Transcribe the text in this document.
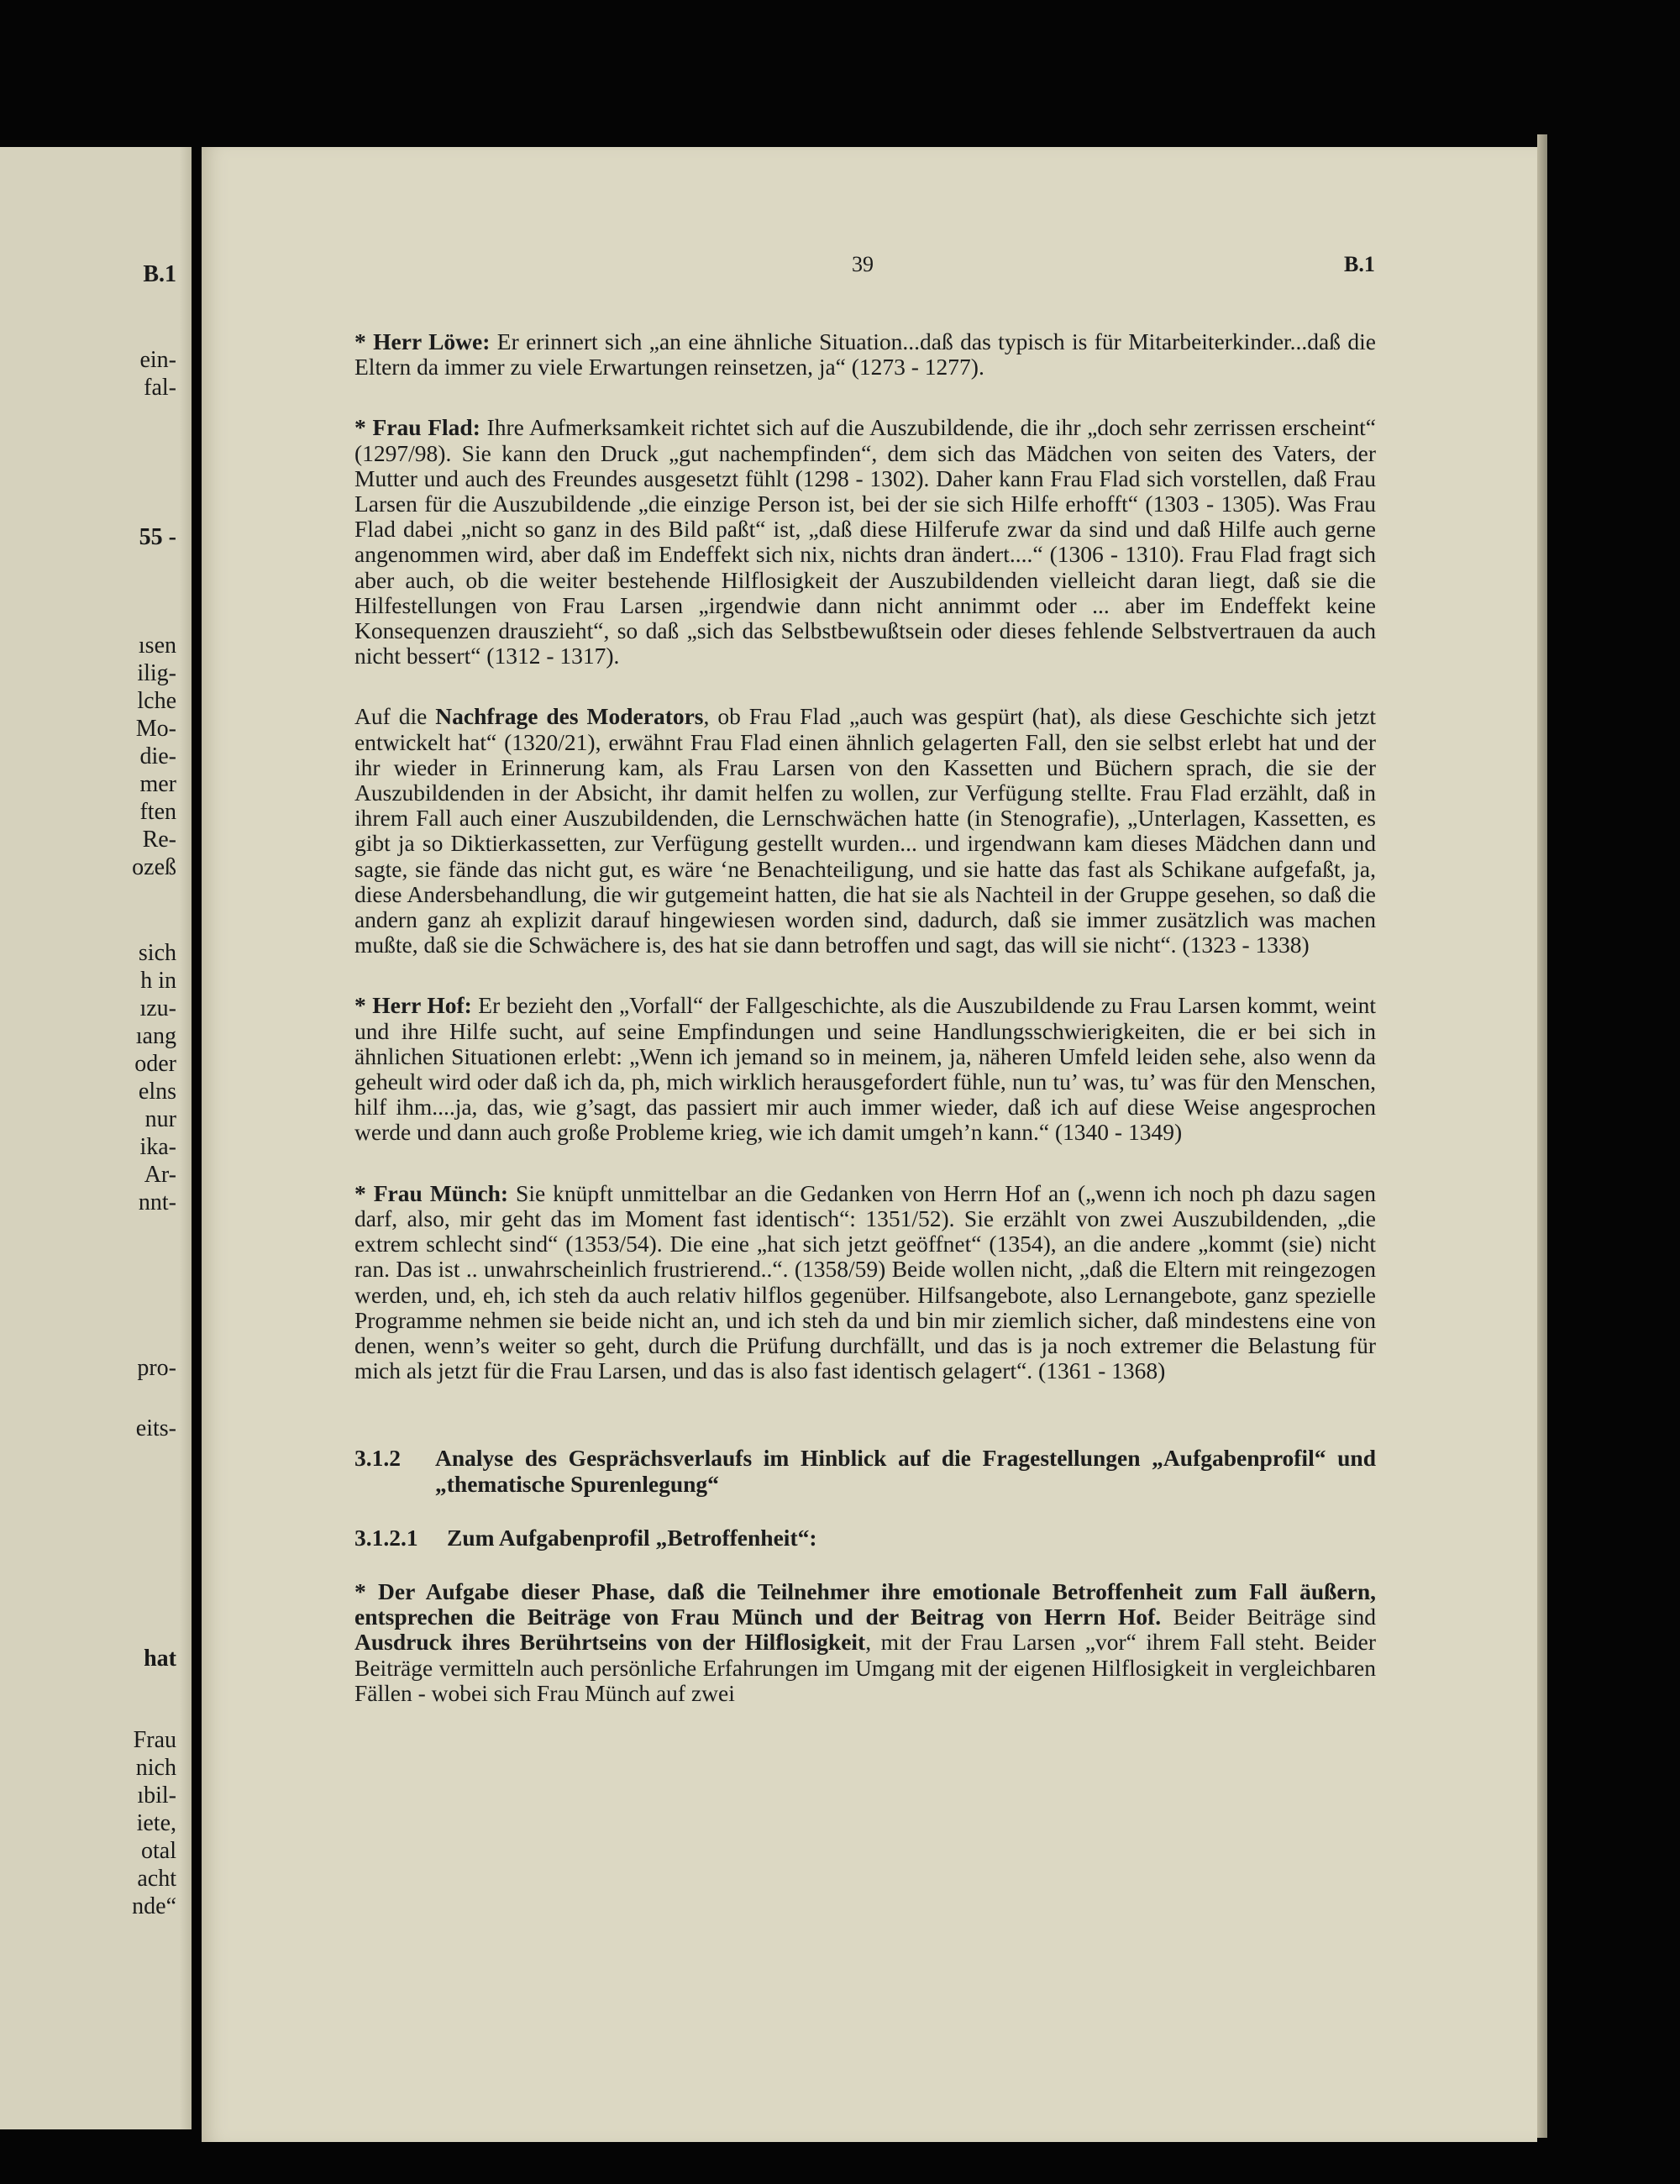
B.1
ein-
fal-
55 -
ısen
ilig-
lche
Mo-
die-
mer
ften
Re-
ozeß
sich
h in
ızu-
ıang
oder
elns
nur
ika-
Ar-
nnt-
pro-
eits-
hat
Frau
nich
ıbil-
iete,
otal
acht
nde“
39	B.1

* Herr Löwe: Er erinnert sich „an eine ähnliche Situation...daß das typisch is für Mitarbeiterkinder...daß die Eltern da immer zu viele Erwartungen reinsetzen, ja“ (1273 - 1277).

* Frau Flad: Ihre Aufmerksamkeit richtet sich auf die Auszubildende, die ihr „doch sehr zerrissen erscheint“ (1297/98). Sie kann den Druck „gut nachempfinden“, dem sich das Mädchen von seiten des Vaters, der Mutter und auch des Freundes ausgesetzt fühlt (1298 - 1302). Daher kann Frau Flad sich vorstellen, daß Frau Larsen für die Auszubildende „die einzige Person ist, bei der sie sich Hilfe erhofft“ (1303 - 1305). Was Frau Flad dabei „nicht so ganz in des Bild paßt“ ist, „daß diese Hilferufe zwar da sind und daß Hilfe auch gerne angenommen wird, aber daß im Endeffekt sich nix, nichts dran ändert....“ (1306 - 1310). Frau Flad fragt sich aber auch, ob die weiter bestehende Hilflosigkeit der Auszubildenden vielleicht daran liegt, daß sie die Hilfestellungen von Frau Larsen „irgendwie dann nicht annimmt oder ... aber im Endeffekt keine Konsequenzen drauszieht“, so daß „sich das Selbstbewußtsein oder dieses fehlende Selbstvertrauen da auch nicht bessert“ (1312 - 1317).

Auf die Nachfrage des Moderators, ob Frau Flad „auch was gespürt (hat), als diese Geschichte sich jetzt entwickelt hat“ (1320/21), erwähnt Frau Flad einen ähnlich gelagerten Fall, den sie selbst erlebt hat und der ihr wieder in Erinnerung kam, als Frau Larsen von den Kassetten und Büchern sprach, die sie der Auszubildenden in der Absicht, ihr damit helfen zu wollen, zur Verfügung stellte. Frau Flad erzählt, daß in ihrem Fall auch einer Auszubildenden, die Lernschwächen hatte (in Stenografie), „Unterlagen, Kassetten, es gibt ja so Diktierkassetten, zur Verfügung gestellt wurden... und irgendwann kam dieses Mädchen dann und sagte, sie fände das nicht gut, es wäre ‘ne Benachteiligung, und sie hatte das fast als Schikane aufgefaßt, ja, diese Andersbehandlung, die wir gutgemeint hatten, die hat sie als Nachteil in der Gruppe gesehen, so daß die andern ganz ah explizit darauf hingewiesen worden sind, dadurch, daß sie immer zusätzlich was machen mußte, daß sie die Schwächere is, des hat sie dann betroffen und sagt, das will sie nicht“. (1323 - 1338)

* Herr Hof: Er bezieht den „Vorfall“ der Fallgeschichte, als die Auszubildende zu Frau Larsen kommt, weint und ihre Hilfe sucht, auf seine Empfindungen und seine Handlungsschwierigkeiten, die er bei sich in ähnlichen Situationen erlebt: „Wenn ich jemand so in meinem, ja, näheren Umfeld leiden sehe, also wenn da geheult wird oder daß ich da, ph, mich wirklich herausgefordert fühle, nun tu’ was, tu’ was für den Menschen, hilf ihm....ja, das, wie g’sagt, das passiert mir auch immer wieder, daß ich auf diese Weise angesprochen werde und dann auch große Probleme krieg, wie ich damit umgeh’n kann.“ (1340 - 1349)

* Frau Münch: Sie knüpft unmittelbar an die Gedanken von Herrn Hof an („wenn ich noch ph dazu sagen darf, also, mir geht das im Moment fast identisch“: 1351/52). Sie erzählt von zwei Auszubildenden, „die extrem schlecht sind“ (1353/54). Die eine „hat sich jetzt geöffnet“ (1354), an die andere „kommt (sie) nicht ran. Das ist .. unwahrscheinlich frustrierend..“. (1358/59) Beide wollen nicht, „daß die Eltern mit reingezogen werden, und, eh, ich steh da auch relativ hilflos gegenüber. Hilfsangebote, also Lernangebote, ganz spezielle Programme nehmen sie beide nicht an, und ich steh da und bin mir ziemlich sicher, daß mindestens eine von denen, wenn’s weiter so geht, durch die Prüfung durchfällt, und das is ja noch extremer die Belastung für mich als jetzt für die Frau Larsen, und das is also fast identisch gelagert“. (1361 - 1368)

3.1.2	Analyse des Gesprächsverlaufs im Hinblick auf die Fragestellungen „Aufgabenprofil“ und „thematische Spurenlegung“
3.1.2.1	Zum Aufgabenprofil „Betroffenheit“:

* Der Aufgabe dieser Phase, daß die Teilnehmer ihre emotionale Betroffenheit zum Fall äußern, entsprechen die Beiträge von Frau Münch und der Beitrag von Herrn Hof. Beider Beiträge sind Ausdruck ihres Berührtseins von der Hilflosigkeit, mit der Frau Larsen „vor“ ihrem Fall steht. Beider Beiträge vermitteln auch persönliche Erfahrungen im Umgang mit der eigenen Hilflosigkeit in vergleichbaren Fällen - wobei sich Frau Münch auf zwei
